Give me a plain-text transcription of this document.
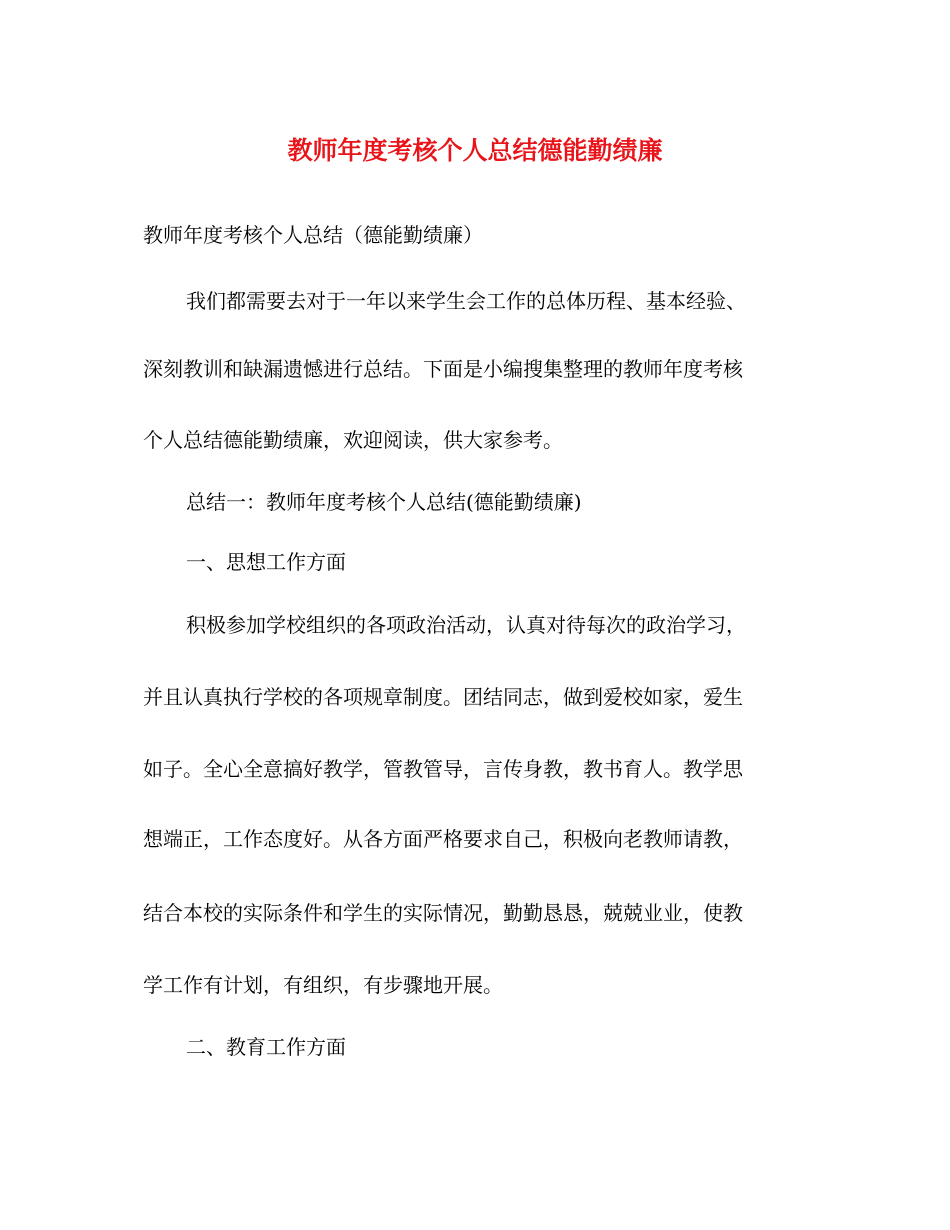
教师年度考核个人总结德能勤绩廉
教师年度考核个人总结（德能勤绩廉）
我们都需要去对于一年以来学生会工作的总体历程、基本经验、
深刻教训和缺漏遗憾进行总结。下面是小编搜集整理的教师年度考核
个人总结德能勤绩廉，欢迎阅读，供大家参考。
总结一：教师年度考核个人总结(德能勤绩廉)
一、思想工作方面
积极参加学校组织的各项政治活动，认真对待每次的政治学习，
并且认真执行学校的各项规章制度。团结同志，做到爱校如家，爱生
如子。全心全意搞好教学，管教管导，言传身教，教书育人。教学思
想端正，工作态度好。从各方面严格要求自己，积极向老教师请教，
结合本校的实际条件和学生的实际情况，勤勤恳恳，兢兢业业，使教
学工作有计划，有组织，有步骤地开展。
二、教育工作方面
